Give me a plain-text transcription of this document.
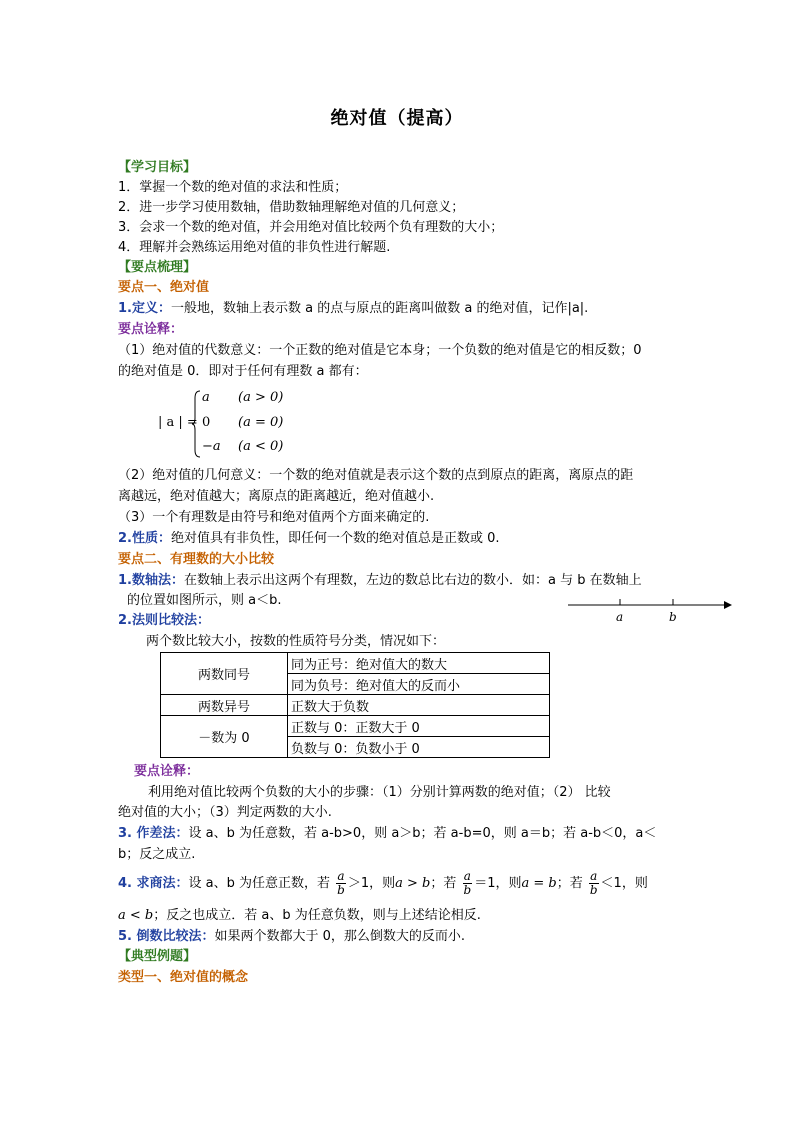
绝对值（提高）
【学习目标】
1．掌握一个数的绝对值的求法和性质；
2．进一步学习使用数轴，借助数轴理解绝对值的几何意义；
3．会求一个数的绝对值，并会用绝对值比较两个负有理数的大小；
4．理解并会熟练运用绝对值的非负性进行解题.
【要点梳理】
要点一、绝对值
1.定义：一般地，数轴上表示数 a 的点与原点的距离叫做数 a 的绝对值，记作|a|.
要点诠释：
（1）绝对值的代数意义：一个正数的绝对值是它本身；一个负数的绝对值是它的相反数；0
的绝对值是 0．即对于任何有理数 a 都有：
| a | =
a (a > 0)
0 (a = 0)
−a (a < 0)
（2）绝对值的几何意义：一个数的绝对值就是表示这个数的点到原点的距离，离原点的距
离越远，绝对值越大；离原点的距离越近，绝对值越小.
（3）一个有理数是由符号和绝对值两个方面来确定的.
2.性质：绝对值具有非负性，即任何一个数的绝对值总是正数或 0.
要点二、有理数的大小比较
1.数轴法：在数轴上表示出这两个有理数，左边的数总比右边的数小．如：a 与 b 在数轴上
的位置如图所示，则 a＜b.
a	b
2.法则比较法：
两个数比较大小，按数的性质符号分类，情况如下：
两数同号	同为正号：绝对值大的数大
	同为负号：绝对值大的反而小
两数异号	正数大于负数
－数为 0	正数与 0：正数大于 0
	负数与 0：负数小于 0
要点诠释：
利用绝对值比较两个负数的大小的步骤：（1）分别计算两数的绝对值；（2） 比较
绝对值的大小；（3）判定两数的大小.
3. 作差法：设 a、b 为任意数，若 a-b>0，则 a＞b；若 a-b=0，则 a＝b；若 a-b＜0，a＜
b；反之成立.
4. 求商法：设 a、b 为任意正数，若 $\frac{a}{b} >1$，则a > b；若 $\frac{a}{b} =1$，则a = b；若 $\frac{a}{b} <1$，则
a < b；反之也成立．若 a、b 为任意负数，则与上述结论相反.
5. 倒数比较法：如果两个数都大于 0，那么倒数大的反而小.
【典型例题】
类型一、绝对值的概念
